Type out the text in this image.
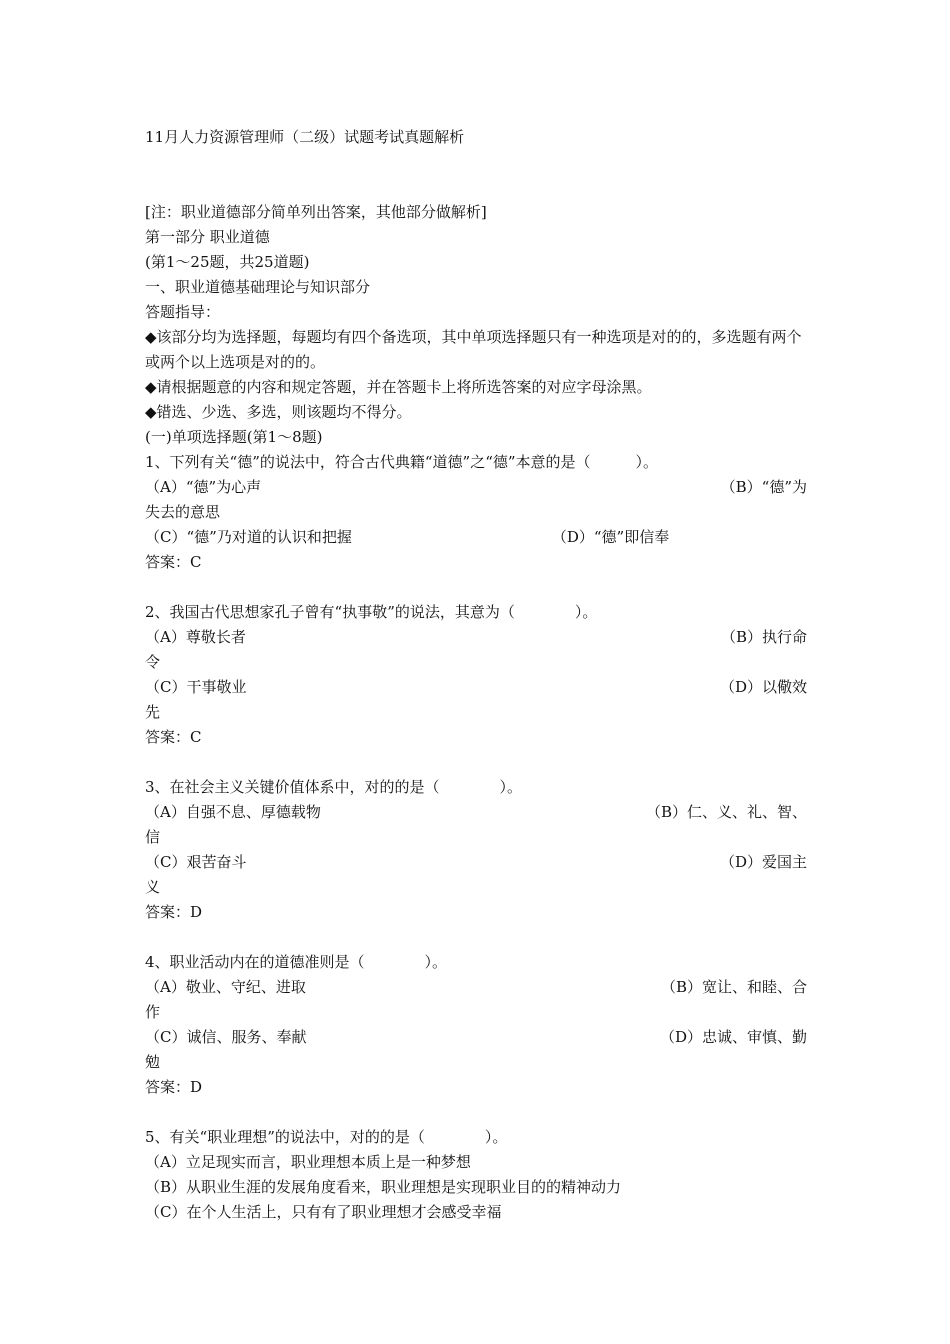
11月人力资源管理师（二级）试题考试真题解析
[注：职业道德部分简单列出答案，其他部分做解析]
第一部分 职业道德
(第1～25题，共25道题)
一、职业道德基础理论与知识部分
答题指导：
◆该部分均为选择题，每题均有四个备选项，其中单项选择题只有一种选项是对的的，多选题有两个或两个以上选项是对的的。
◆请根据题意的内容和规定答题，并在答题卡上将所选答案的对应字母涂黑。
◆错选、少选、多选，则该题均不得分。
(一)单项选择题(第1～8题)
1、下列有关“德”的说法中，符合古代典籍“道德”之“德”本意的是（　　　）。
（A）“德”为心声	（B）“德”为
失去的意思
（C）“德”乃对道的认识和把握	（D）“德”即信奉
答案：C
2、我国古代思想家孔子曾有“执事敬”的说法，其意为（　　　　）。
（A）尊敬长者	（B）执行命
令
（C）干事敬业	（D）以儆效
先
答案：C
3、在社会主义关键价值体系中，对的的是（　　　　）。
（A）自强不息、厚德载物	（B）仁、义、礼、智、
信
（C）艰苦奋斗	（D）爱国主
义
答案：D
4、职业活动内在的道德准则是（　　　　）。
（A）敬业、守纪、进取	（B）宽让、和睦、合
作
（C）诚信、服务、奉献	（D）忠诚、审慎、勤
勉
答案：D
5、有关“职业理想”的说法中，对的的是（　　　　）。
（A）立足现实而言，职业理想本质上是一种梦想
（B）从职业生涯的发展角度看来，职业理想是实现职业目的的精神动力
（C）在个人生活上，只有有了职业理想才会感受幸福
